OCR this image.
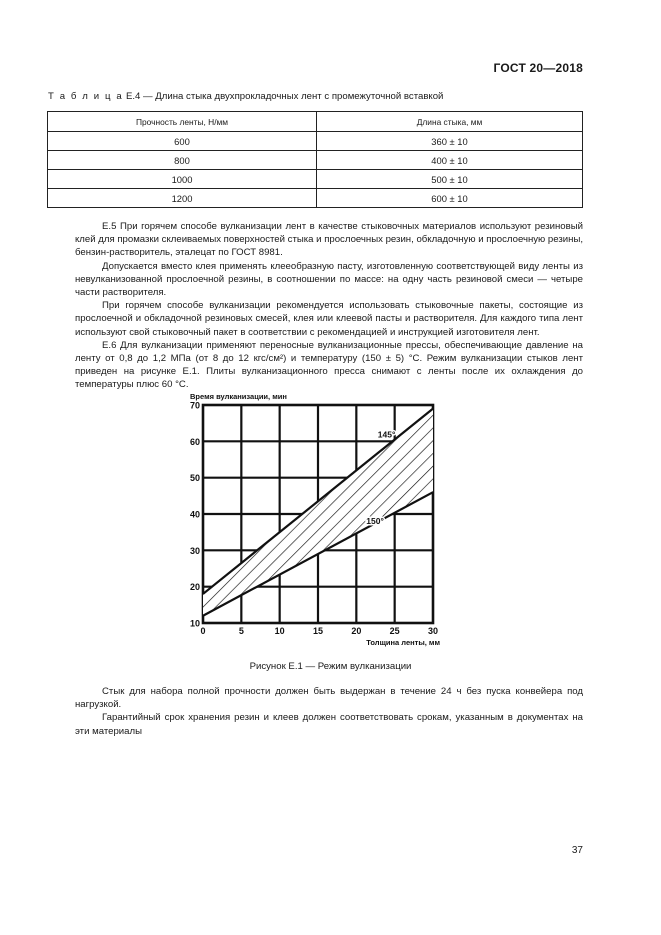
ГОСТ 20—2018
Т а б л и ц а Е.4 — Длина стыка двухпрокладочных лент с промежуточной вставкой
Прочность ленты, Н/мм	Длина стыка, мм
600	360 ± 10
800	400 ± 10
1000	500 ± 10
1200	600 ± 10

Е.5 При горячем способе вулканизации лент в качестве стыковочных материалов используют резиновый клей для промазки склеиваемых поверхностей стыка и прослоечных резин, обкладочную и прослоечную резины, бензин-растворитель, эталецат по ГОСТ 8981.

Допускается вместо клея применять клееобразную пасту, изготовленную соответствующей виду ленты из невулканизованной прослоечной резины, в соотношении по массе: на одну часть резиновой смеси — четыре части растворителя.

При горячем способе вулканизации рекомендуется использовать стыковочные пакеты, состоящие из прослоечной и обкладочной резиновых смесей, клея или клеевой пасты и растворителя. Для каждого типа лент используют свой стыковочный пакет в соответствии с рекомендацией и инструкцией изготовителя лент.

Е.6 Для вулканизации применяют переносные вулканизационные прессы, обеспечивающие давление на ленту от 0,8 до 1,2 МПа (от 8 до 12 кгс/см²) и температуру (150 ± 5) °С. Режим вулканизации стыков лент приведен на рисунке Е.1. Плиты вулканизационного пресса снимают с ленты после их охлаждения до температуры плюс 60 °С.

10
20
30
40
50
60
70
0	5	10	15	20	25	30
145°
150°
Время вулканизации, мин
Толщина ленты, мм
Рисунок Е.1 — Режим вулканизации

Стык для набора полной прочности должен быть выдержан в течение 24 ч без пуска конвейера под нагрузкой.

Гарантийный срок хранения резин и клеев должен соответствовать срокам, указанным в документах на эти материалы

37
